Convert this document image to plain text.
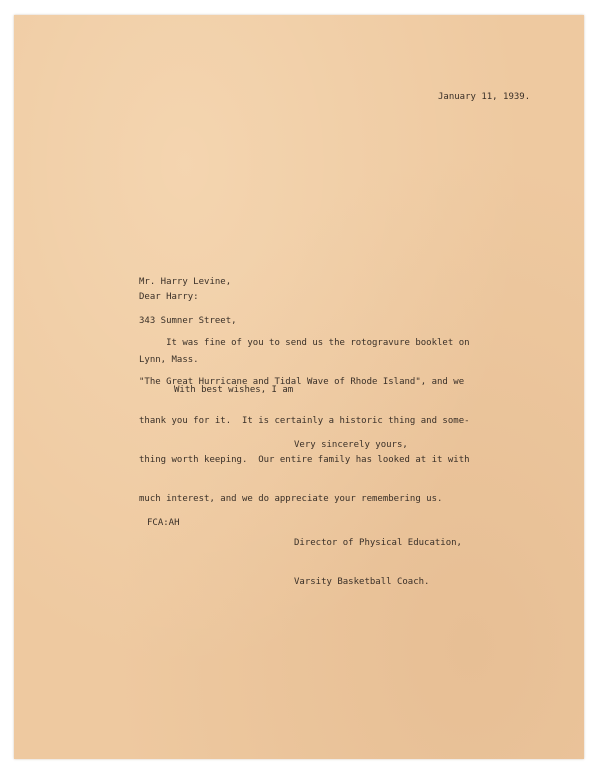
January 11, 1939.

Mr. Harry Levine,

343 Sumner Street,

Lynn, Mass.

Dear Harry:

It was fine of you to send us the rotogravure booklet on

"The Great Hurricane and Tidal Wave of Rhode Island", and we

thank you for it.  It is certainly a historic thing and some-

thing worth keeping.  Our entire family has looked at it with

much interest, and we do appreciate your remembering us.

With best wishes, I am
Very sincerely yours,

Director of Physical Education,

Varsity Basketball Coach.

FCA:AH
